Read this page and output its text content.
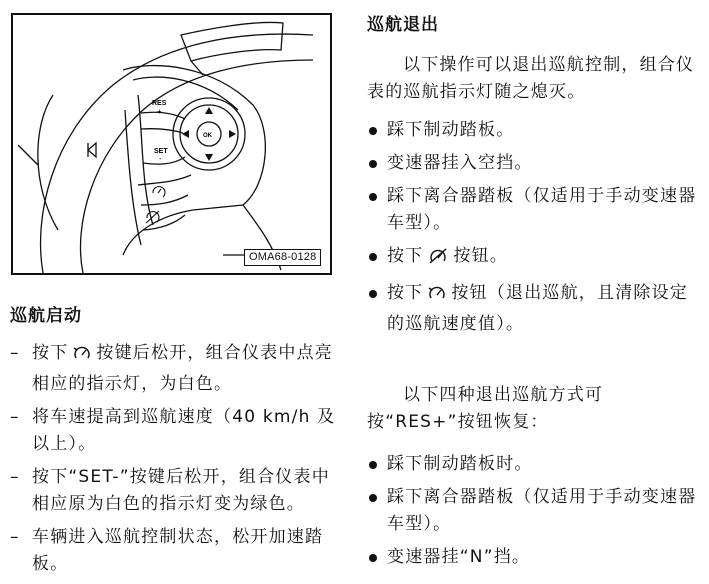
RES
+
SET
-
OK
OMA68-0128
巡航启动
– 按下 按键后松开，组合仪表中点亮相应的指示灯，为白色。
– 将车速提高到巡航速度（40 km/h 及以上）。
– 按下“SET-”按键后松开，组合仪表中相应原为白色的指示灯变为绿色。
– 车辆进入巡航控制状态，松开加速踏板。
巡航退出
以下操作可以退出巡航控制，组合仪表的巡航指示灯随之熄灭。
踩下制动踏板。
变速器挂入空挡。
踩下离合器踏板（仅适用于手动变速器车型）。
按下 按钮。
按下 按钮（退出巡航，且清除设定的巡航速度值）。
以下四种退出巡航方式可按“RES+”按钮恢复：
踩下制动踏板时。
踩下离合器踏板（仅适用于手动变速器车型）。
变速器挂“N”挡。
